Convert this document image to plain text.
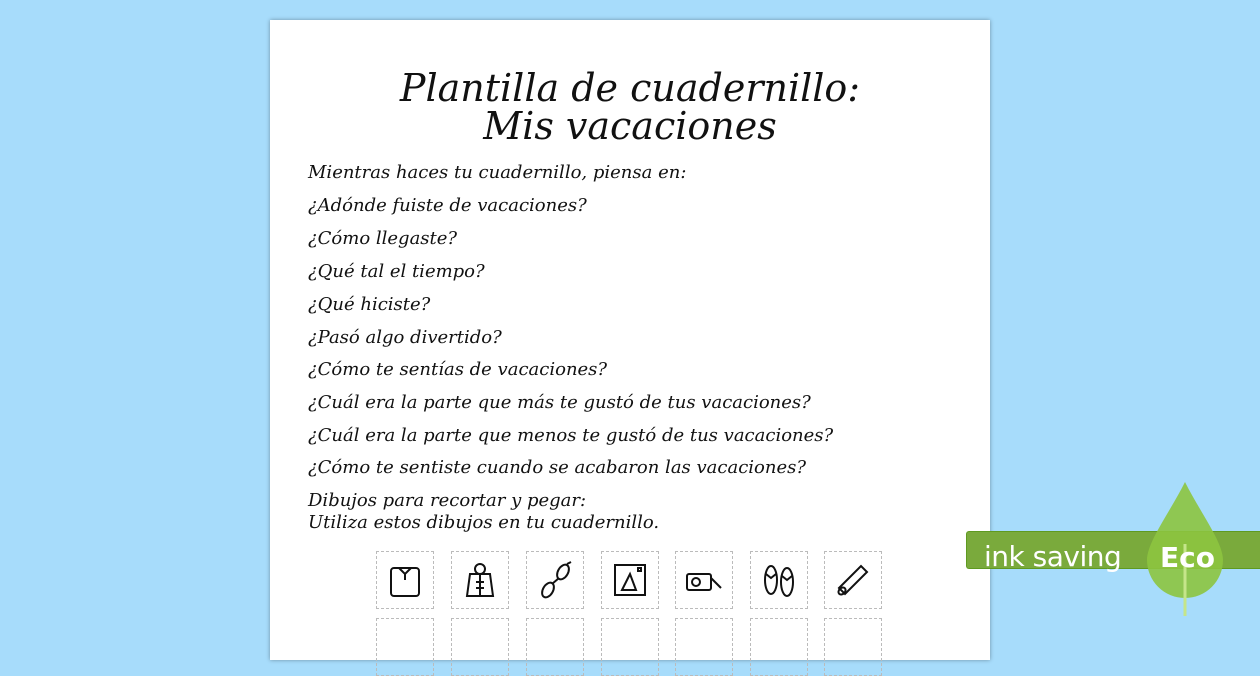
Plantilla de cuadernillo:
Mis vacaciones
Mientras haces tu cuadernillo, piensa en:
¿Adónde fuiste de vacaciones?
¿Cómo llegaste?
¿Qué tal el tiempo?
¿Qué hiciste?
¿Pasó algo divertido?
¿Cómo te sentías de vacaciones?
¿Cuál era la parte que más te gustó de tus vacaciones?
¿Cuál era la parte que menos te gustó de tus vacaciones?
¿Cómo te sentiste cuando se acabaron las vacaciones?
Dibujos para recortar y pegar:
Utiliza estos dibujos en tu cuadernillo.
ink saving Eco
